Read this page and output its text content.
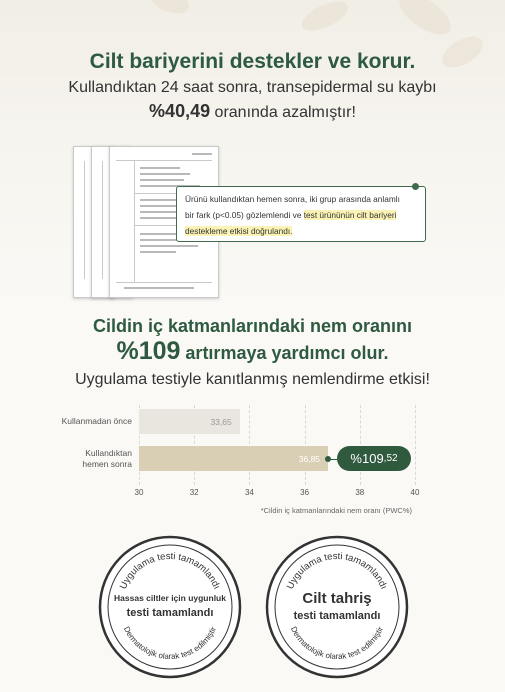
Cilt bariyerini destekler ve korur.
Kullandıktan 24 saat sonra, transepidermal su kaybı
%40,49 oranında azalmıştır!
Ürünü kullandıktan hemen sonra, iki grup arasında anlamlı
bir fark (p<0.05) gözlemlendi ve test ürününün cilt bariyeri
destekleme etkisi doğrulandı.
Cildin iç katmanlarındaki nem oranını
%109 artırmaya yardımcı olur.
Uygulama testiyle kanıtlanmış nemlendirme etkisi!
30	32	34	36	38	40
33,65
Kullanmadan önce
36,85
Kullandıktan
hemen sonra	%109 ,52
*Cildin iç katmanlarındaki nem oranı (PWC%)
Uygulama testi tamamlandı
Hassas ciltler için uygunluk
testi tamamlandı
Dermatolojik olarak test edilmiştir
Uygulama testi tamamlandı
Cilt tahriş
testi tamamlandı
Dermatolojik olarak test edilmiştir
